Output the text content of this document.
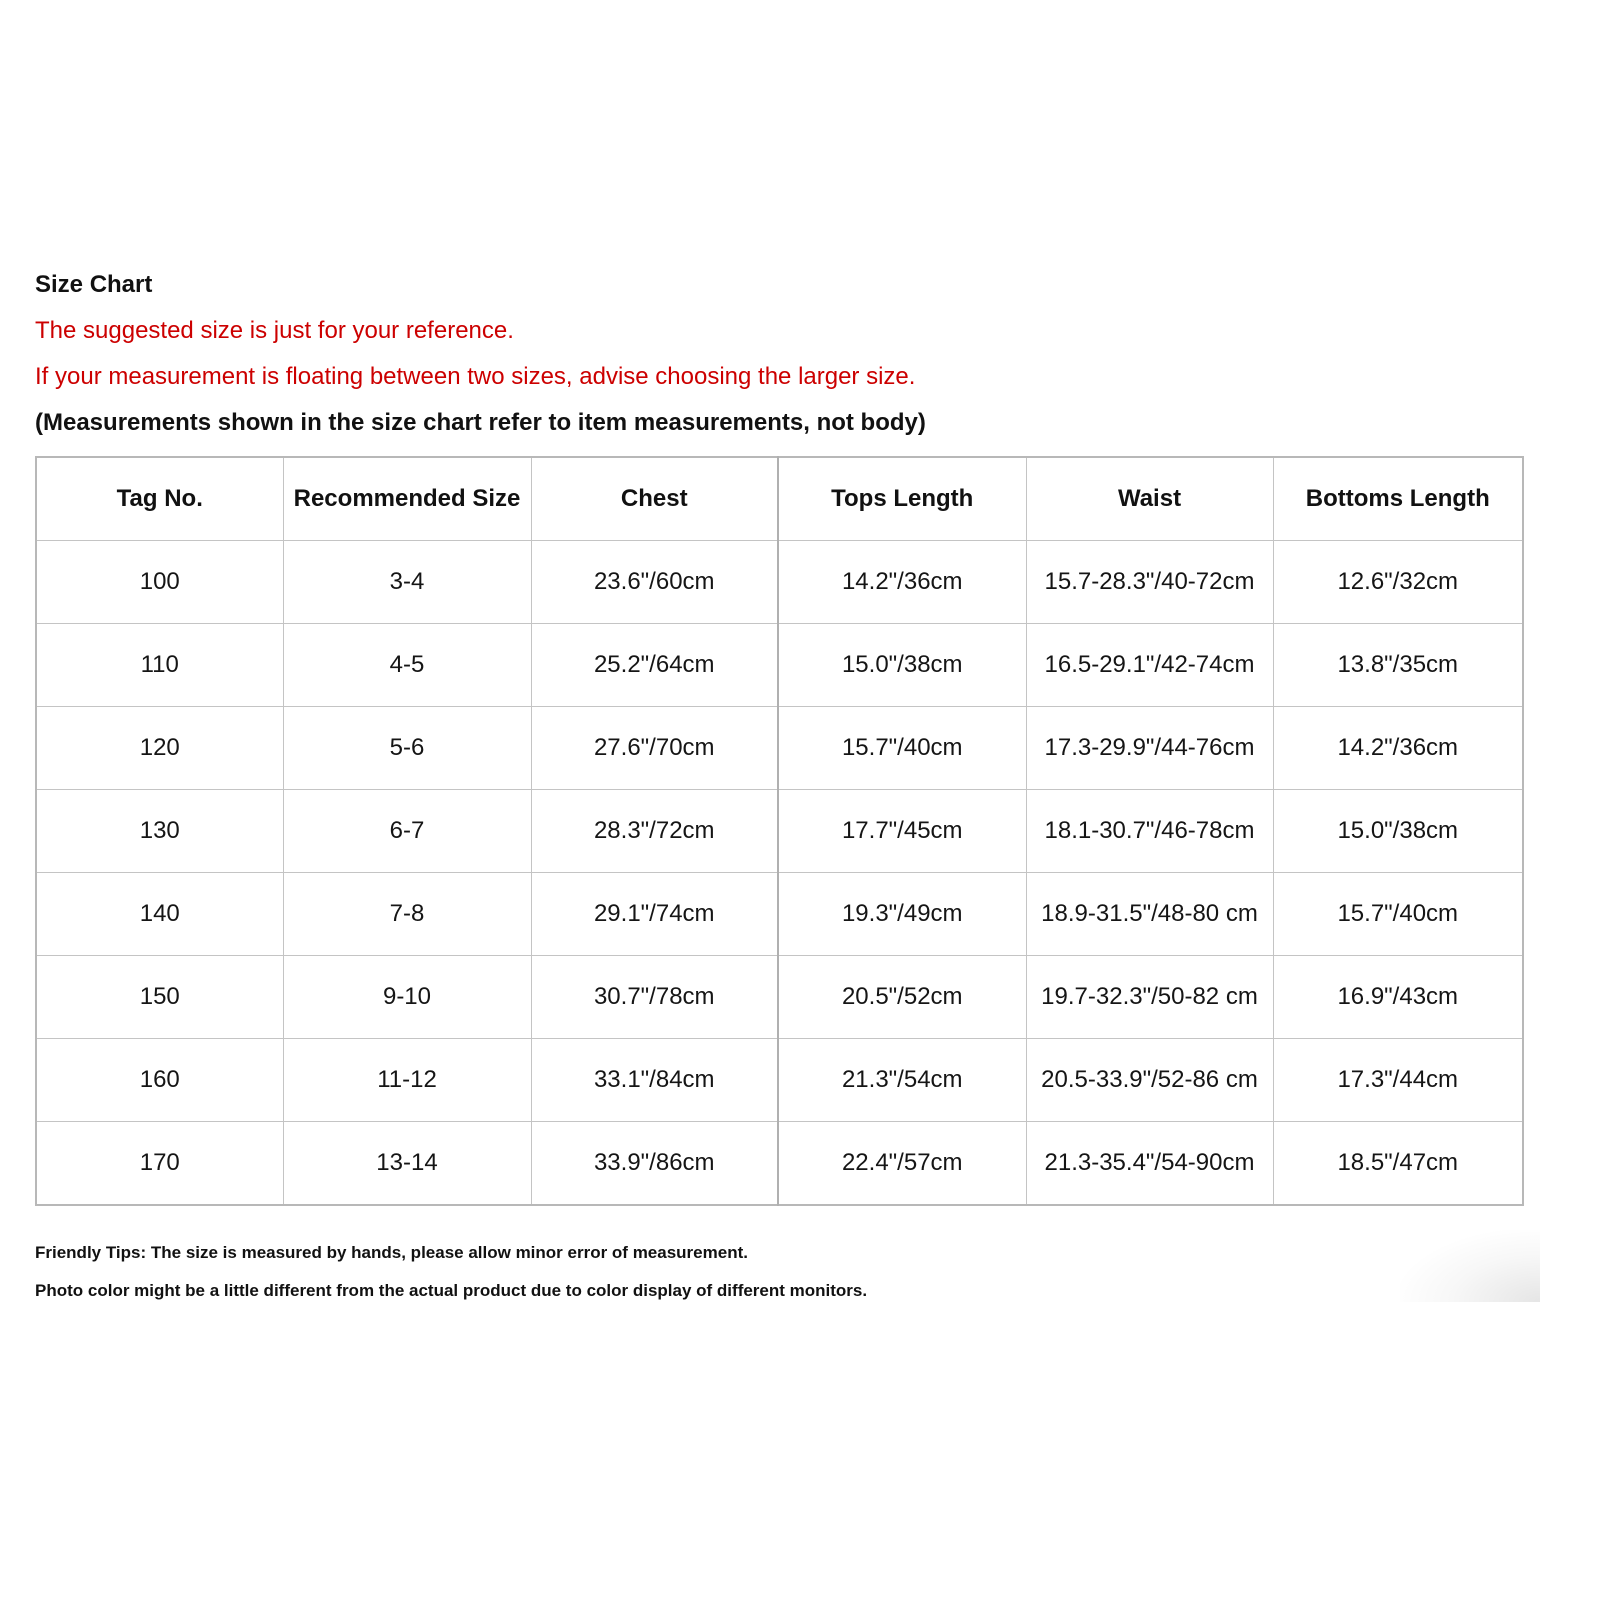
Size Chart
The suggested size is just for your reference.
If your measurement is floating between two sizes, advise choosing the larger size.
(Measurements shown in the size chart refer to item measurements, not body)
Tag No.	Recommended Size	Chest	Tops Length	Waist	Bottoms Length
100	3-4	23.6"/60cm	14.2"/36cm	15.7-28.3"/40-72cm	12.6"/32cm
110	4-5	25.2"/64cm	15.0"/38cm	16.5-29.1"/42-74cm	13.8"/35cm
120	5-6	27.6"/70cm	15.7"/40cm	17.3-29.9"/44-76cm	14.2"/36cm
130	6-7	28.3"/72cm	17.7"/45cm	18.1-30.7"/46-78cm	15.0"/38cm
140	7-8	29.1"/74cm	19.3"/49cm	18.9-31.5"/48-80 cm	15.7"/40cm
150	9-10	30.7"/78cm	20.5"/52cm	19.7-32.3"/50-82 cm	16.9"/43cm
160	11-12	33.1"/84cm	21.3"/54cm	20.5-33.9"/52-86 cm	17.3"/44cm
170	13-14	33.9"/86cm	22.4"/57cm	21.3-35.4"/54-90cm	18.5"/47cm
Friendly Tips: The size is measured by hands, please allow minor error of measurement.
Photo color might be a little different from the actual product due to color display of different monitors.
